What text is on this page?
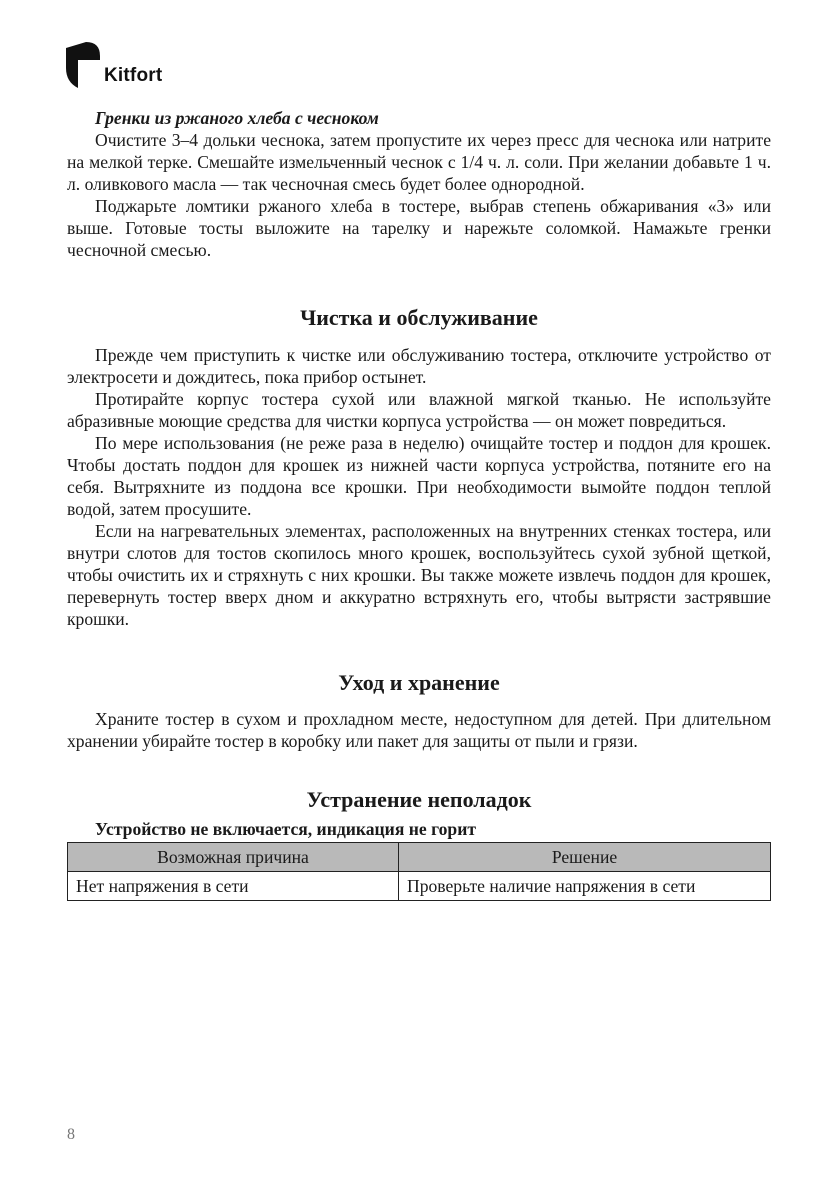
Kitfort
Гренки из ржаного хлеба с чесноком

Очистите 3–4 дольки чеснока, затем пропустите их через пресс для чеснока или натрите на мелкой терке. Смешайте измельченный чеснок с 1/4 ч. л. соли. При желании добавьте 1 ч. л. оливкового масла — так чесночная смесь будет более однородной.

Поджарьте ломтики ржаного хлеба в тостере, выбрав степень обжаривания «3» или выше. Готовые тосты выложите на тарелку и нарежьте соломкой. Намажьте гренки чесночной смесью.

Чистка и обслуживание

Прежде чем приступить к чистке или обслуживанию тостера, отключите устройство от электросети и дождитесь, пока прибор остынет.

Протирайте корпус тостера сухой или влажной мягкой тканью. Не используйте абразивные моющие средства для чистки корпуса устройства — он может повредиться.

По мере использования (не реже раза в неделю) очищайте тостер и поддон для крошек. Чтобы достать поддон для крошек из нижней части корпуса устройства, потяните его на себя. Вытряхните из поддона все крошки. При необходимости вымойте поддон теплой водой, затем просушите.

Если на нагревательных элементах, расположенных на внутренних стенках тостера, или внутри слотов для тостов скопилось много крошек, воспользуйтесь сухой зубной щеткой, чтобы очистить их и стряхнуть с них крошки. Вы также можете извлечь поддон для крошек, перевернуть тостер вверх дном и аккуратно встряхнуть его, чтобы вытрясти застрявшие крошки.

Уход и хранение

Храните тостер в сухом и прохладном месте, недоступном для детей. При длительном хранении убирайте тостер в коробку или пакет для защиты от пыли и грязи.

Устранение неполадок
Устройство не включается, индикация не горит
Возможная причина	Решение
Нет напряжения в сети	Проверьте наличие напряжения в сети
8
